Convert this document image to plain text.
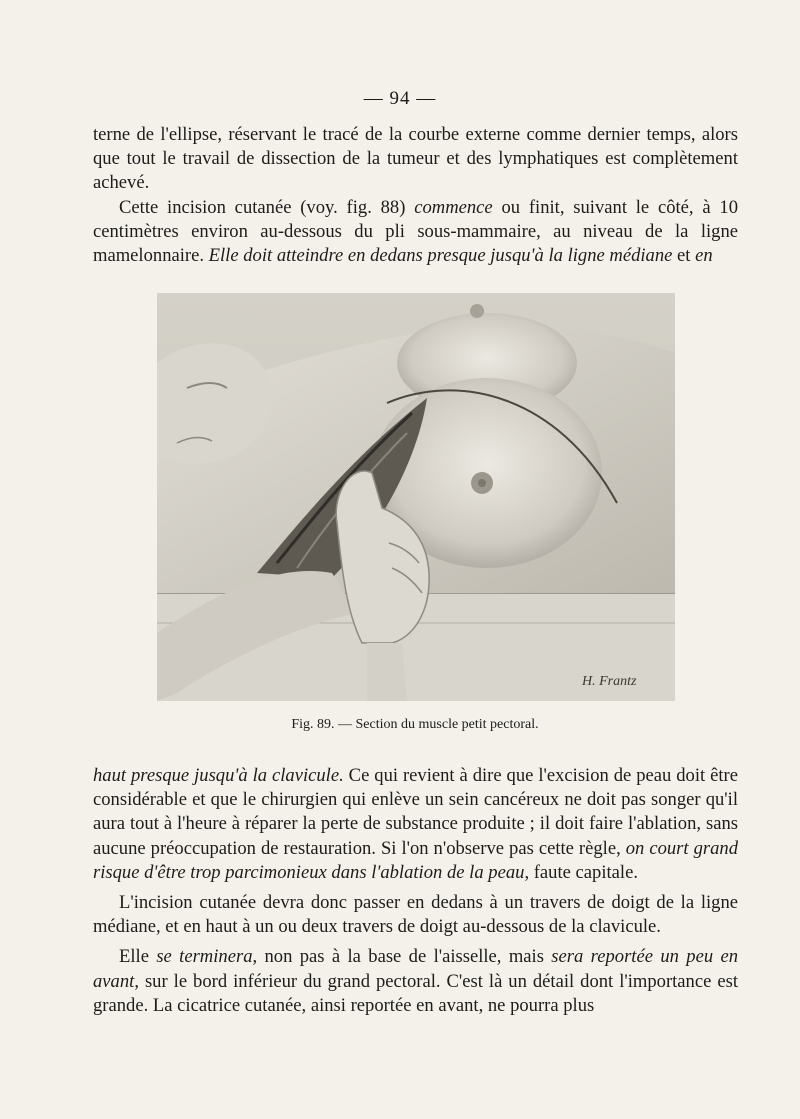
— 94 —

terne de l'ellipse, réservant le tracé de la courbe externe comme dernier temps, alors que tout le travail de dissection de la tumeur et des lymphatiques est complètement achevé.

Cette incision cutanée (voy. fig. 88) commence ou finit, suivant le côté, à 10 centimètres environ au-dessous du pli sous-mammaire, au niveau de la ligne mamelonnaire. Elle doit atteindre en dedans presque jusqu'à la ligne médiane et en

H. Frantz
Fig. 89. — Section du muscle petit pectoral.

haut presque jusqu'à la clavicule. Ce qui revient à dire que l'excision de peau doit être considérable et que le chirurgien qui enlève un sein cancéreux ne doit pas songer qu'il aura tout à l'heure à réparer la perte de substance produite ; il doit faire l'ablation, sans aucune préoccupation de restauration. Si l'on n'observe pas cette règle, on court grand risque d'être trop parcimonieux dans l'ablation de la peau, faute capitale.

L'incision cutanée devra donc passer en dedans à un travers de doigt de la ligne médiane, et en haut à un ou deux travers de doigt au-dessous de la clavicule.

Elle se terminera, non pas à la base de l'aisselle, mais sera reportée un peu en avant, sur le bord inférieur du grand pectoral. C'est là un détail dont l'importance est grande. La cicatrice cutanée, ainsi reportée en avant, ne pourra plus
